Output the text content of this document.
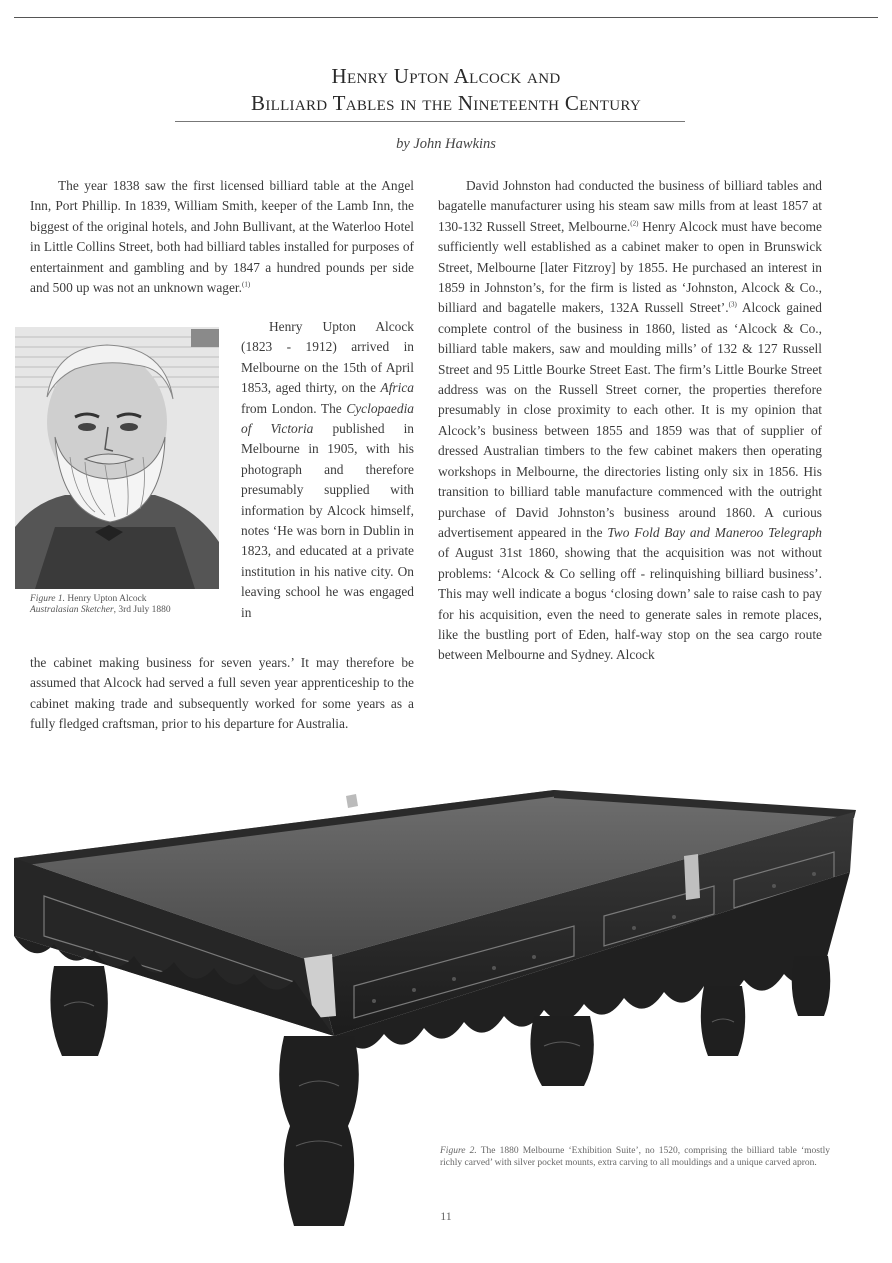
Henry Upton Alcock and
Billiard Tables in the Nineteenth Century
by John Hawkins

The year 1838 saw the first licensed billiard table at the Angel Inn, Port Phillip. In 1839, William Smith, keeper of the Lamb Inn, the biggest of the original hotels, and John Bullivant, at the Waterloo Hotel in Little Collins Street, both had billiard tables installed for purposes of entertainment and gambling and by 1847 a hundred pounds per side and 500 up was not an unknown wager.$^{(1)}$

Figure 1. Henry Upton Alcock
Australasian Sketcher, 3rd July 1880

Henry Upton Alcock (1823 - 1912) arrived in Melbourne on the 15th of April 1853, aged thirty, on the Africa from London. The Cyclopaedia of Victoria published in Melbourne in 1905, with his photograph and therefore presumably supplied with information by Alcock himself, notes ‘He was born in Dublin in 1823, and educated at a private institution in his native city. On leaving school he was engaged in

the cabinet making business for seven years.’ It may therefore be assumed that Alcock had served a full seven year apprenticeship to the cabinet making trade and subsequently worked for some years as a fully fledged craftsman, prior to his departure for Australia.

David Johnston had conducted the business of billiard tables and bagatelle manufacturer using his steam saw mills from at least 1857 at 130-132 Russell Street, Melbourne.$^{(2)}$ Henry Alcock must have become sufficiently well established as a cabinet maker to open in Brunswick Street, Melbourne [later Fitzroy] by 1855. He purchased an interest in 1859 in Johnston’s, for the firm is listed as ‘Johnston, Alcock & Co., billiard and bagatelle makers, 132A Russell Street’.$^{(3)}$ Alcock gained complete control of the business in 1860, listed as ‘Alcock & Co., billiard table makers, saw and moulding mills’ of 132 & 127 Russell Street and 95 Little Bourke Street East. The firm’s Little Bourke Street address was on the Russell Street corner, the properties therefore presumably in close proximity to each other. It is my opinion that Alcock’s business between 1855 and 1859 was that of supplier of dressed Australian timbers to the few cabinet makers then operating workshops in Melbourne, the directories listing only six in 1856. His transition to billiard table manufacture commenced with the outright purchase of David Johnston’s business around 1860. A curious advertisement appeared in the Two Fold Bay and Maneroo Telegraph of August 31st 1860, showing that the acquisition was not without problems: ‘Alcock & Co selling off - relinquishing billiard business’. This may well indicate a bogus ‘closing down’ sale to raise cash to pay for his acquisition, even the need to generate sales in remote places, like the bustling port of Eden, half-way stop on the sea cargo route between Melbourne and Sydney. Alcock

Figure 2. The 1880 Melbourne ‘Exhibition Suite’, no 1520, comprising the billiard table ‘mostly richly carved’ with silver pocket mounts, extra carving to all mouldings and a unique carved apron.
11
